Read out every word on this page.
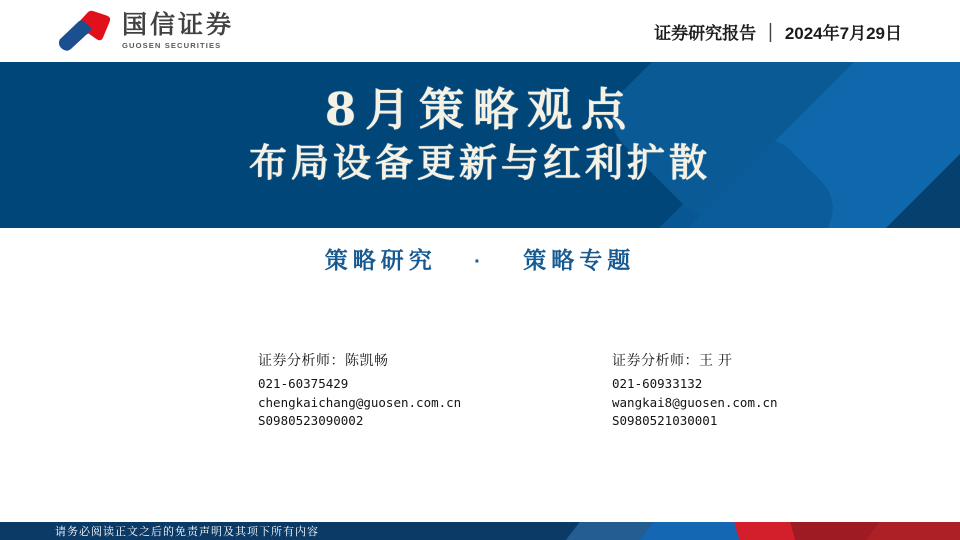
国信证券
GUOSEN SECURITIES
证券研究报告 | 2024年7月29日
8月策略观点
布局设备更新与红利扩散
策略研究 · 策略专题
证券分析师：陈凯畅
021-60375429
chengkaichang@guosen.com.cn
S0980523090002
证券分析师：王 开
021-60933132
wangkai8@guosen.com.cn
S0980521030001
请务必阅读正文之后的免责声明及其项下所有内容
